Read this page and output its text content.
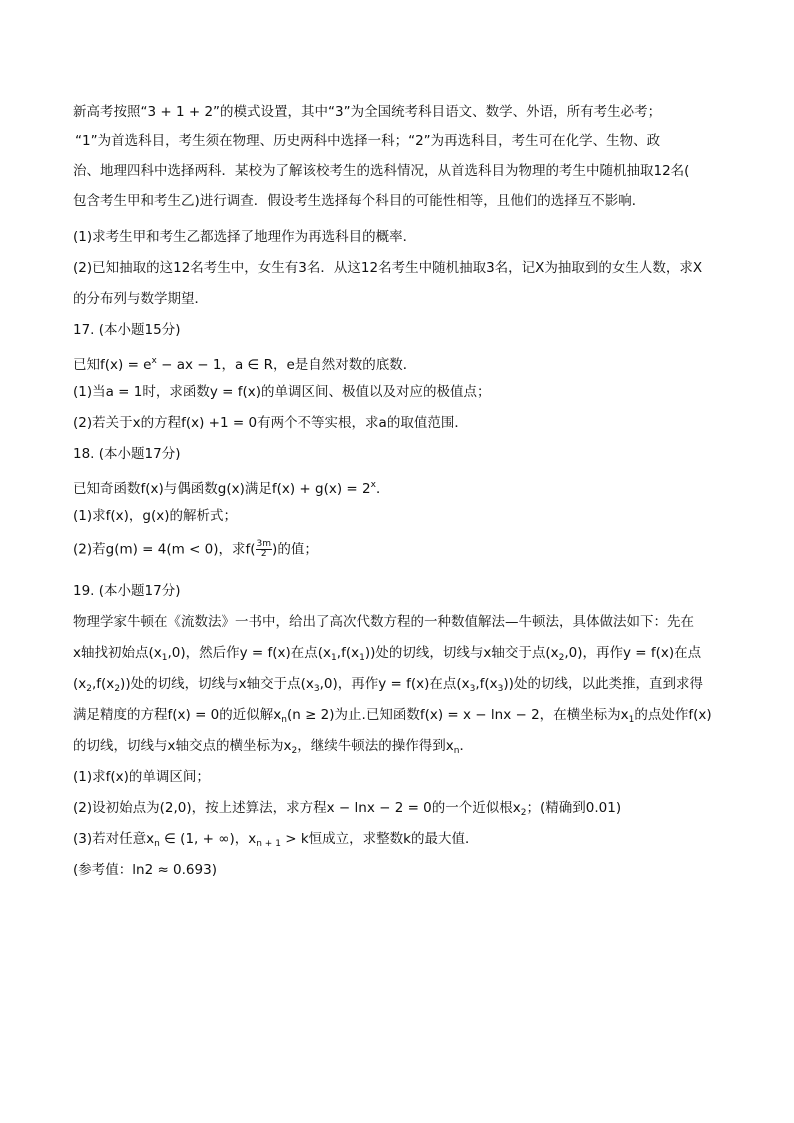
新高考按照“3 + 1 + 2”的模式设置，其中“3”为全国统考科目语文、数学、外语，所有考生必考；
“1”为首选科目，考生须在物理、历史两科中选择一科；“2”为再选科目，考生可在化学、生物、政
治、地理四科中选择两科．某校为了解该校考生的选科情况，从首选科目为物理的考生中随机抽取12名(
包含考生甲和考生乙)进行调查．假设考生选择每个科目的可能性相等，且他们的选择互不影响．
(1)求考生甲和考生乙都选择了地理作为再选科目的概率．
(2)已知抽取的这12名考生中，女生有3名．从这12名考生中随机抽取3名，记X为抽取到的女生人数，求X
的分布列与数学期望．
17. (本小题15分)
已知$f(x) = e^x$ − ax − 1，a ∈ R，e是自然对数的底数．
(1)当a = 1时，求函数y = f(x)的单调区间、极值以及对应的极值点；
(2)若关于x的方程f(x) +1 = 0有两个不等实根，求a的取值范围．
18. (本小题17分)
已知奇函数f(x)与偶函数g(x)满足$f(x) + g(x) = 2^x$．
(1)求f(x)，g(x)的解析式；
(2)若g(m) = 4(m < 0)，求$f( \frac{3m}{2}$ )的值；
19. (本小题17分)
物理学家牛顿在《流数法》一书中，给出了高次代数方程的一种数值解法—牛顿法，具体做法如下：先在
x轴找初始点$(x_1,0)$，然后作y = f(x)在点$(x_1,f(x_1))$处的切线，切线与x轴交于点$(x_2,0)$，再作y = f(x)在点
$(x_2,f(x_2))$处的切线，切线与x轴交于点$(x_3,0)$，再作y = f(x)在点$(x_3,f(x_3))$处的切线，以此类推，直到求得
满足精度的方程f(x) = 0的近似解$x_n(n \ge 2)$为止.已知函数f(x) = x − lnx − 2，在横坐标为$x_1$的点处作f(x)
的切线，切线与x轴交点的横坐标为$x_2$，继续牛顿法的操作得到$x_n$．
(1)求f(x)的单调区间；
(2)设初始点为(2,0)，按上述算法，求方程x − lnx − 2 = 0的一个近似根$x_2$；(精确到0.01)
(3)若对任意$x_n$ ∈ (1, + ∞)，$x_{n + 1} > k$恒成立，求整数k的最大值．
(参考值：ln2 ≈ 0.693)
